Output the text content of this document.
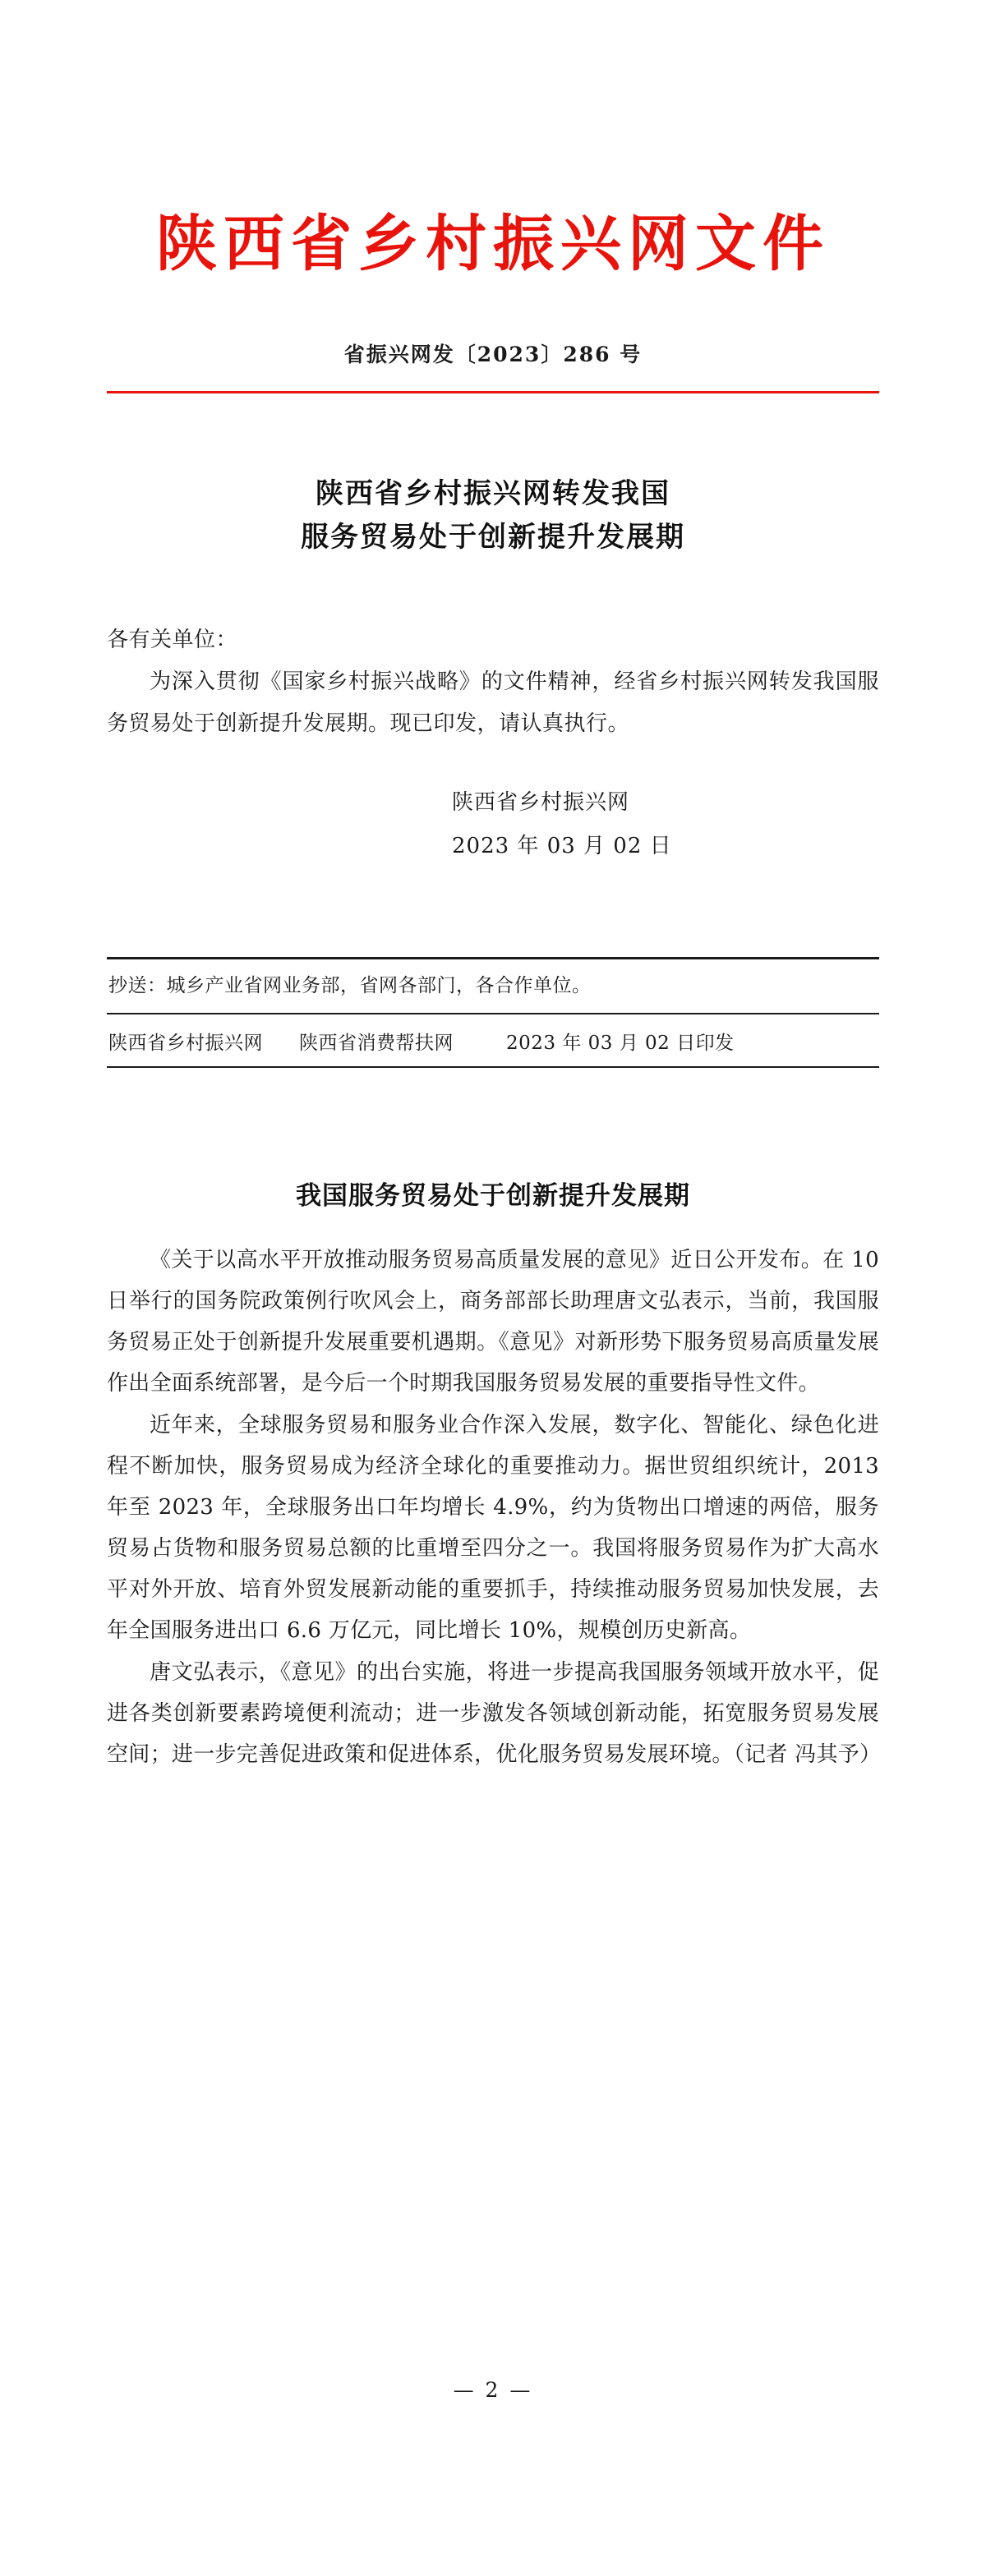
陕西省乡村振兴网文件
省振兴网发〔2023〕286 号
陕西省乡村振兴网转发我国
服务贸易处于创新提升发展期
各有关单位：
为深入贯彻《国家乡村振兴战略》的文件精神，经省乡村振兴网转发我国服务贸易处于创新提升发展期。现已印发，请认真执行。
陕西省乡村振兴网
2023 年 03 月 02 日
抄送：城乡产业省网业务部，省网各部门，各合作单位。
陕西省乡村振兴网 陕西省消费帮扶网	2023 年 03 月 02 日印发
我国服务贸易处于创新提升发展期

《关于以高水平开放推动服务贸易高质量发展的意见》近日公开发布。在 10 日举行的国务院政策例行吹风会上，商务部部长助理唐文弘表示，当前，我国服务贸易正处于创新提升发展重要机遇期。《意见》对新形势下服务贸易高质量发展作出全面系统部署，是今后一个时期我国服务贸易发展的重要指导性文件。

近年来，全球服务贸易和服务业合作深入发展，数字化、智能化、绿色化进程不断加快，服务贸易成为经济全球化的重要推动力。据世贸组织统计，2013 年至 2023 年，全球服务出口年均增长 4.9%，约为货物出口增速的两倍，服务贸易占货物和服务贸易总额的比重增至四分之一。我国将服务贸易作为扩大高水平对外开放、培育外贸发展新动能的重要抓手，持续推动服务贸易加快发展，去年全国服务进出口 6.6 万亿元，同比增长 10%，规模创历史新高。

唐文弘表示，《意见》的出台实施，将进一步提高我国服务领域开放水平，促进各类创新要素跨境便利流动；进一步激发各领域创新动能，拓宽服务贸易发展空间；进一步完善促进政策和促进体系，优化服务贸易发展环境。（记者 冯其予）

— 2 —
